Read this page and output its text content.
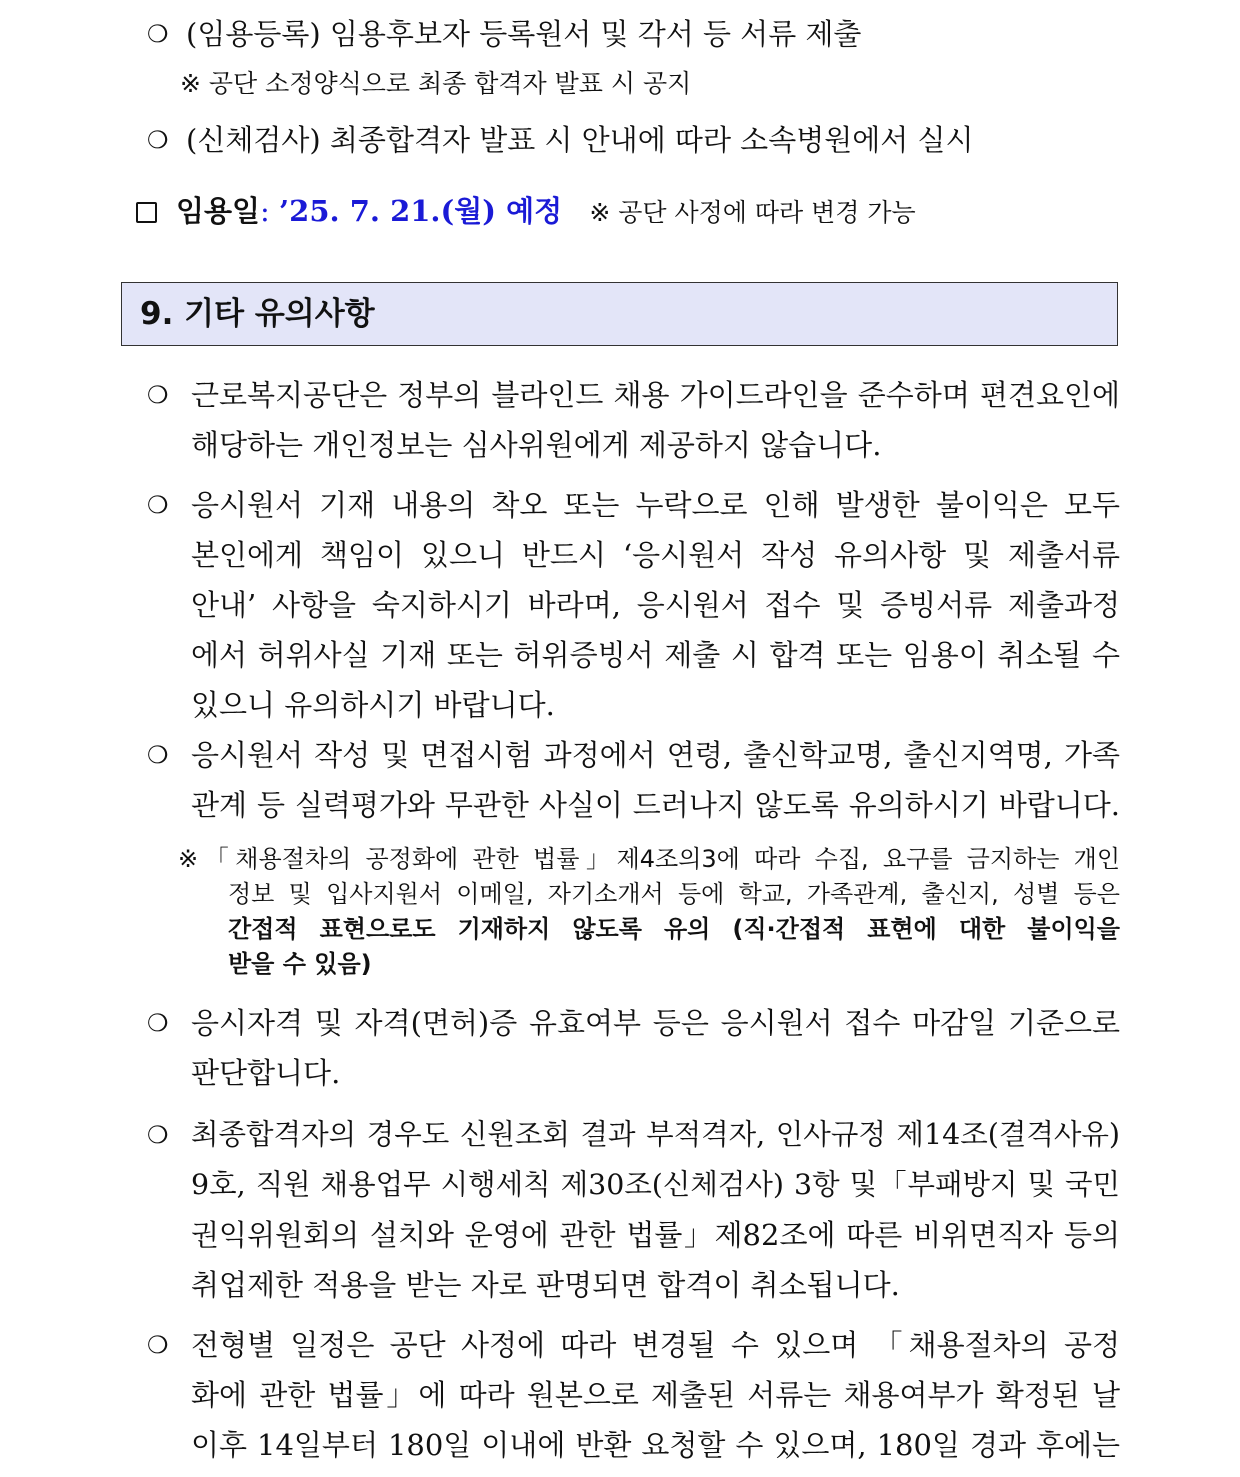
❍ (임용등록) 임용후보자 등록원서 및 각서 등 서류 제출
※ 공단 소정양식으로 최종 합격자 발표 시 공지
❍ (신체검사) 최종합격자 발표 시 안내에 따라 소속병원에서 실시
임용일: ’25. 7. 21.(월) 예정 ※ 공단 사정에 따라 변경 가능
9. 기타 유의사항
❍ 근로복지공단은 정부의 블라인드 채용 가이드라인을 준수하며 편견요인에
해당하는 개인정보는 심사위원에게 제공하지 않습니다.
❍ 응시원서 기재 내용의 착오 또는 누락으로 인해 발생한 불이익은 모두
본인에게 책임이 있으니 반드시 ‘응시원서 작성 유의사항 및 제출서류
안내’ 사항을 숙지하시기 바라며, 응시원서 접수 및 증빙서류 제출과정
에서 허위사실 기재 또는 허위증빙서 제출 시 합격 또는 임용이 취소될 수
있으니 유의하시기 바랍니다.
❍ 응시원서 작성 및 면접시험 과정에서 연령, 출신학교명, 출신지역명, 가족
관계 등 실력평가와 무관한 사실이 드러나지 않도록 유의하시기 바랍니다.
※「채용절차의 공정화에 관한 법률」제4조의3에 따라 수집, 요구를 금지하는 개인
정보 및 입사지원서 이메일, 자기소개서 등에 학교, 가족관계, 출신지, 성별 등은
간접적 표현으로도 기재하지 않도록 유의 (직·간접적 표현에 대한 불이익을
받을 수 있음)
❍ 응시자격 및 자격(면허)증 유효여부 등은 응시원서 접수 마감일 기준으로
판단합니다.
❍ 최종합격자의 경우도 신원조회 결과 부적격자, 인사규정 제14조(결격사유)
9호, 직원 채용업무 시행세칙 제30조(신체검사) 3항 및「부패방지 및 국민
권익위원회의 설치와 운영에 관한 법률」제82조에 따른 비위면직자 등의
취업제한 적용을 받는 자로 판명되면 합격이 취소됩니다.
❍ 전형별 일정은 공단 사정에 따라 변경될 수 있으며 「채용절차의 공정
화에 관한 법률」에 따라 원본으로 제출된 서류는 채용여부가 확정된 날
이후 14일부터 180일 이내에 반환 요청할 수 있으며, 180일 경과 후에는
